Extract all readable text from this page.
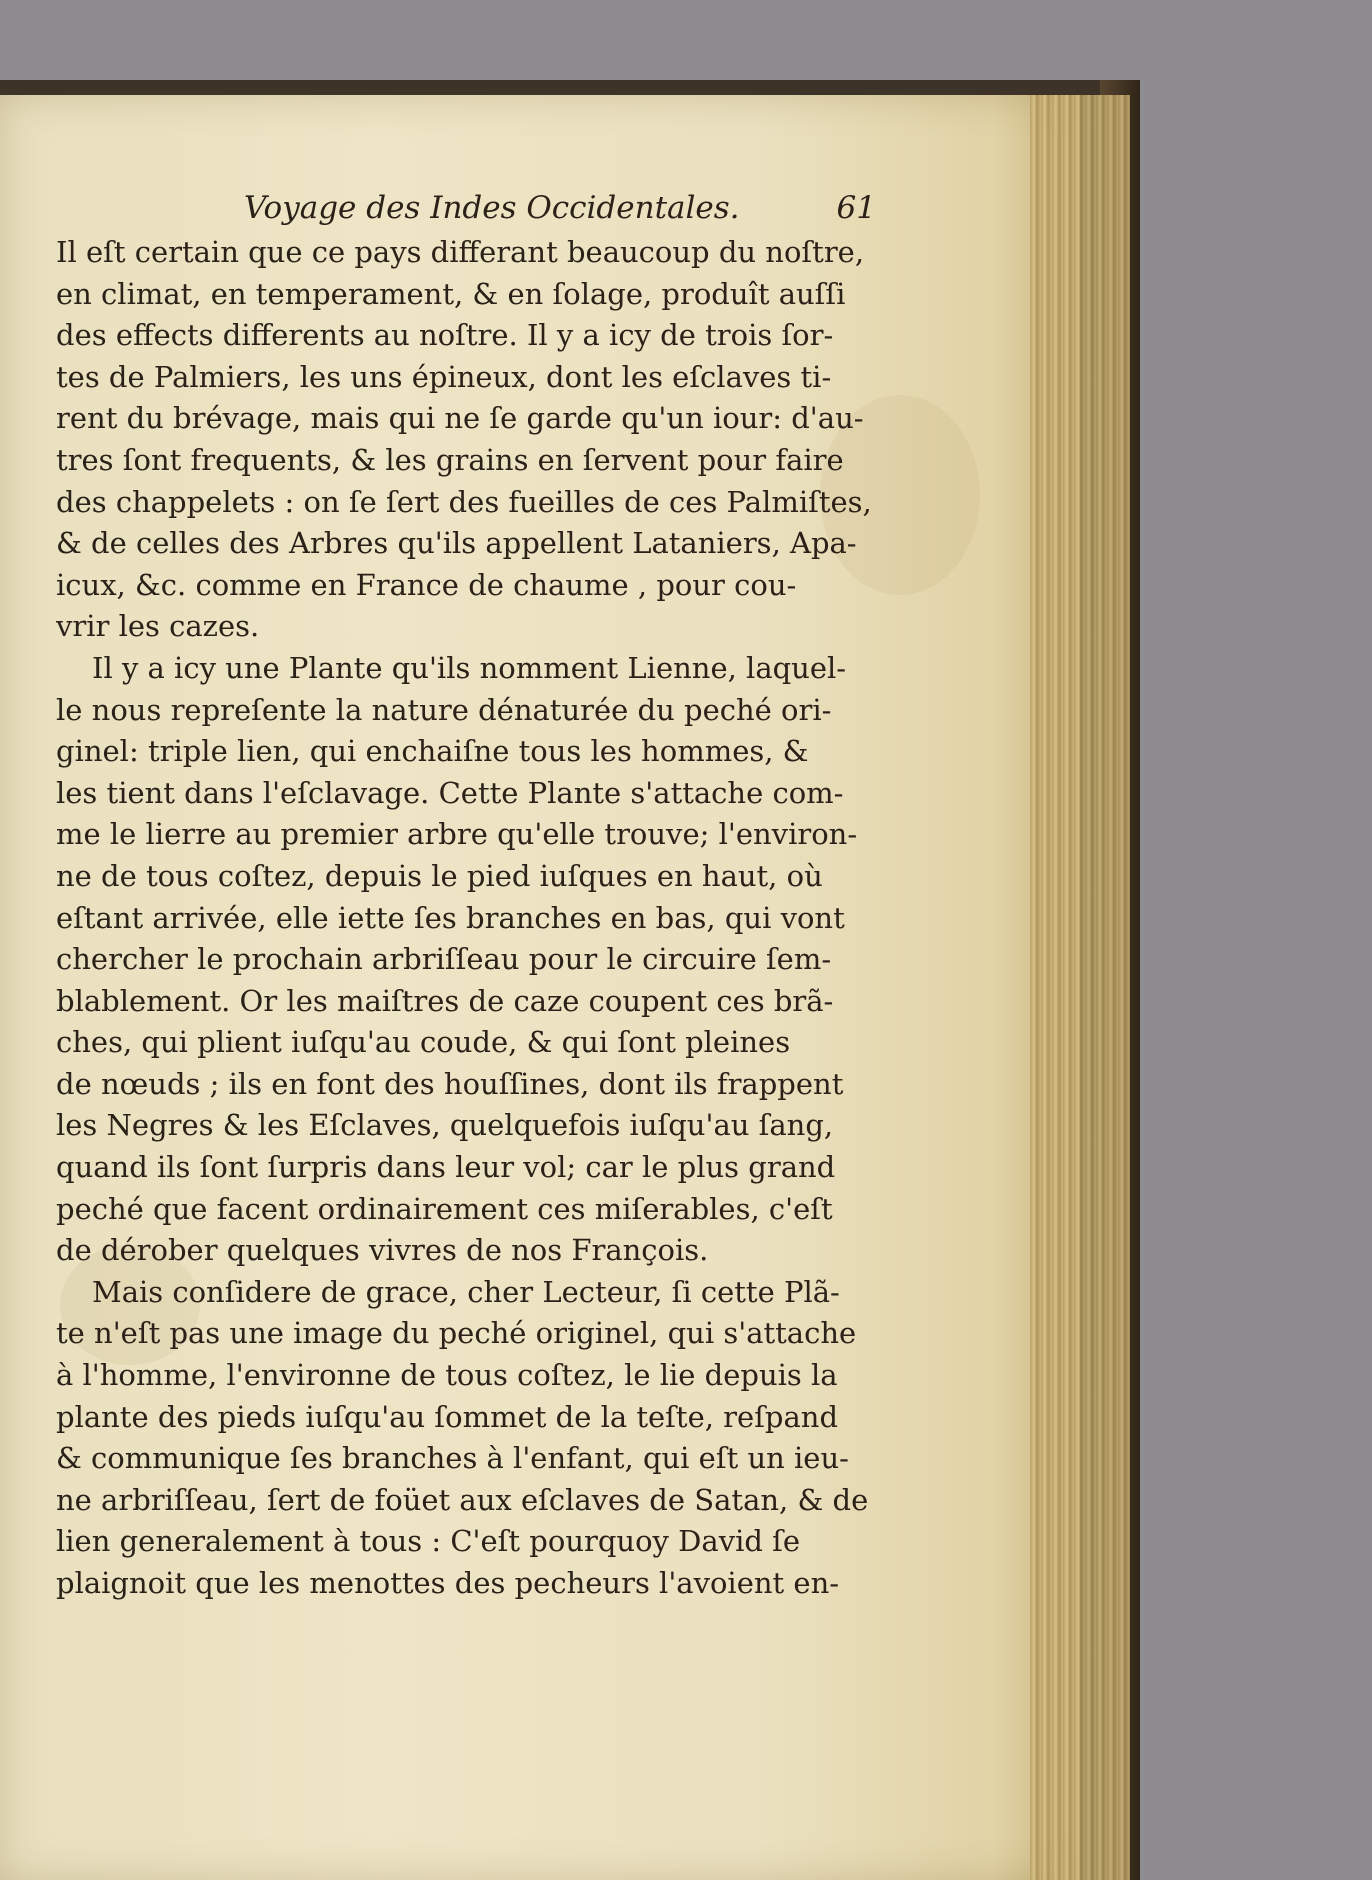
Voyage des Indes Occidentales.	61
Il eſt certain que ce pays differant beaucoup du noſtre,
en climat, en temperament, & en ſolage, produît auſſi
des effects differents au noſtre. Il y a icy de trois ſor-
tes de Palmiers, les uns épineux, dont les eſclaves ti-
rent du brévage, mais qui ne ſe garde qu'un iour: d'au-
tres ſont frequents, & les grains en ſervent pour faire
des chappelets : on ſe ſert des fueilles de ces Palmiſtes,
& de celles des Arbres qu'ils appellent Lataniers, Apa-
icux, &c. comme en France de chaume , pour cou-
vrir les cazes.
Il y a icy une Plante qu'ils nomment Lienne, laquel-
le nous repreſente la nature dénaturée du peché ori-
ginel: triple lien, qui enchaiſne tous les hommes, &
les tient dans l'eſclavage. Cette Plante s'attache com-
me le lierre au premier arbre qu'elle trouve; l'environ-
ne de tous coſtez, depuis le pied iuſques en haut, où
eſtant arrivée, elle iette ſes branches en bas, qui vont
chercher le prochain arbriſſeau pour le circuire ſem-
blablement. Or les maiſtres de caze coupent ces brã-
ches, qui plient iuſqu'au coude, & qui ſont pleines
de nœuds ; ils en font des houſſines, dont ils frappent
les Negres & les Eſclaves, quelquefois iuſqu'au ſang,
quand ils ſont ſurpris dans leur vol; car le plus grand
peché que facent ordinairement ces miſerables, c'eſt
de dérober quelques vivres de nos François.
Mais conſidere de grace, cher Lecteur, ſi cette Plã-
te n'eſt pas une image du peché originel, qui s'attache
à l'homme, l'environne de tous coſtez, le lie depuis la
plante des pieds iuſqu'au ſommet de la teſte, reſpand
& communique ſes branches à l'enfant, qui eſt un ieu-
ne arbriſſeau, ſert de foüet aux eſclaves de Satan, & de
lien generalement à tous : C'eſt pourquoy David ſe
plaignoit que les menottes des pecheurs l'avoient en-
